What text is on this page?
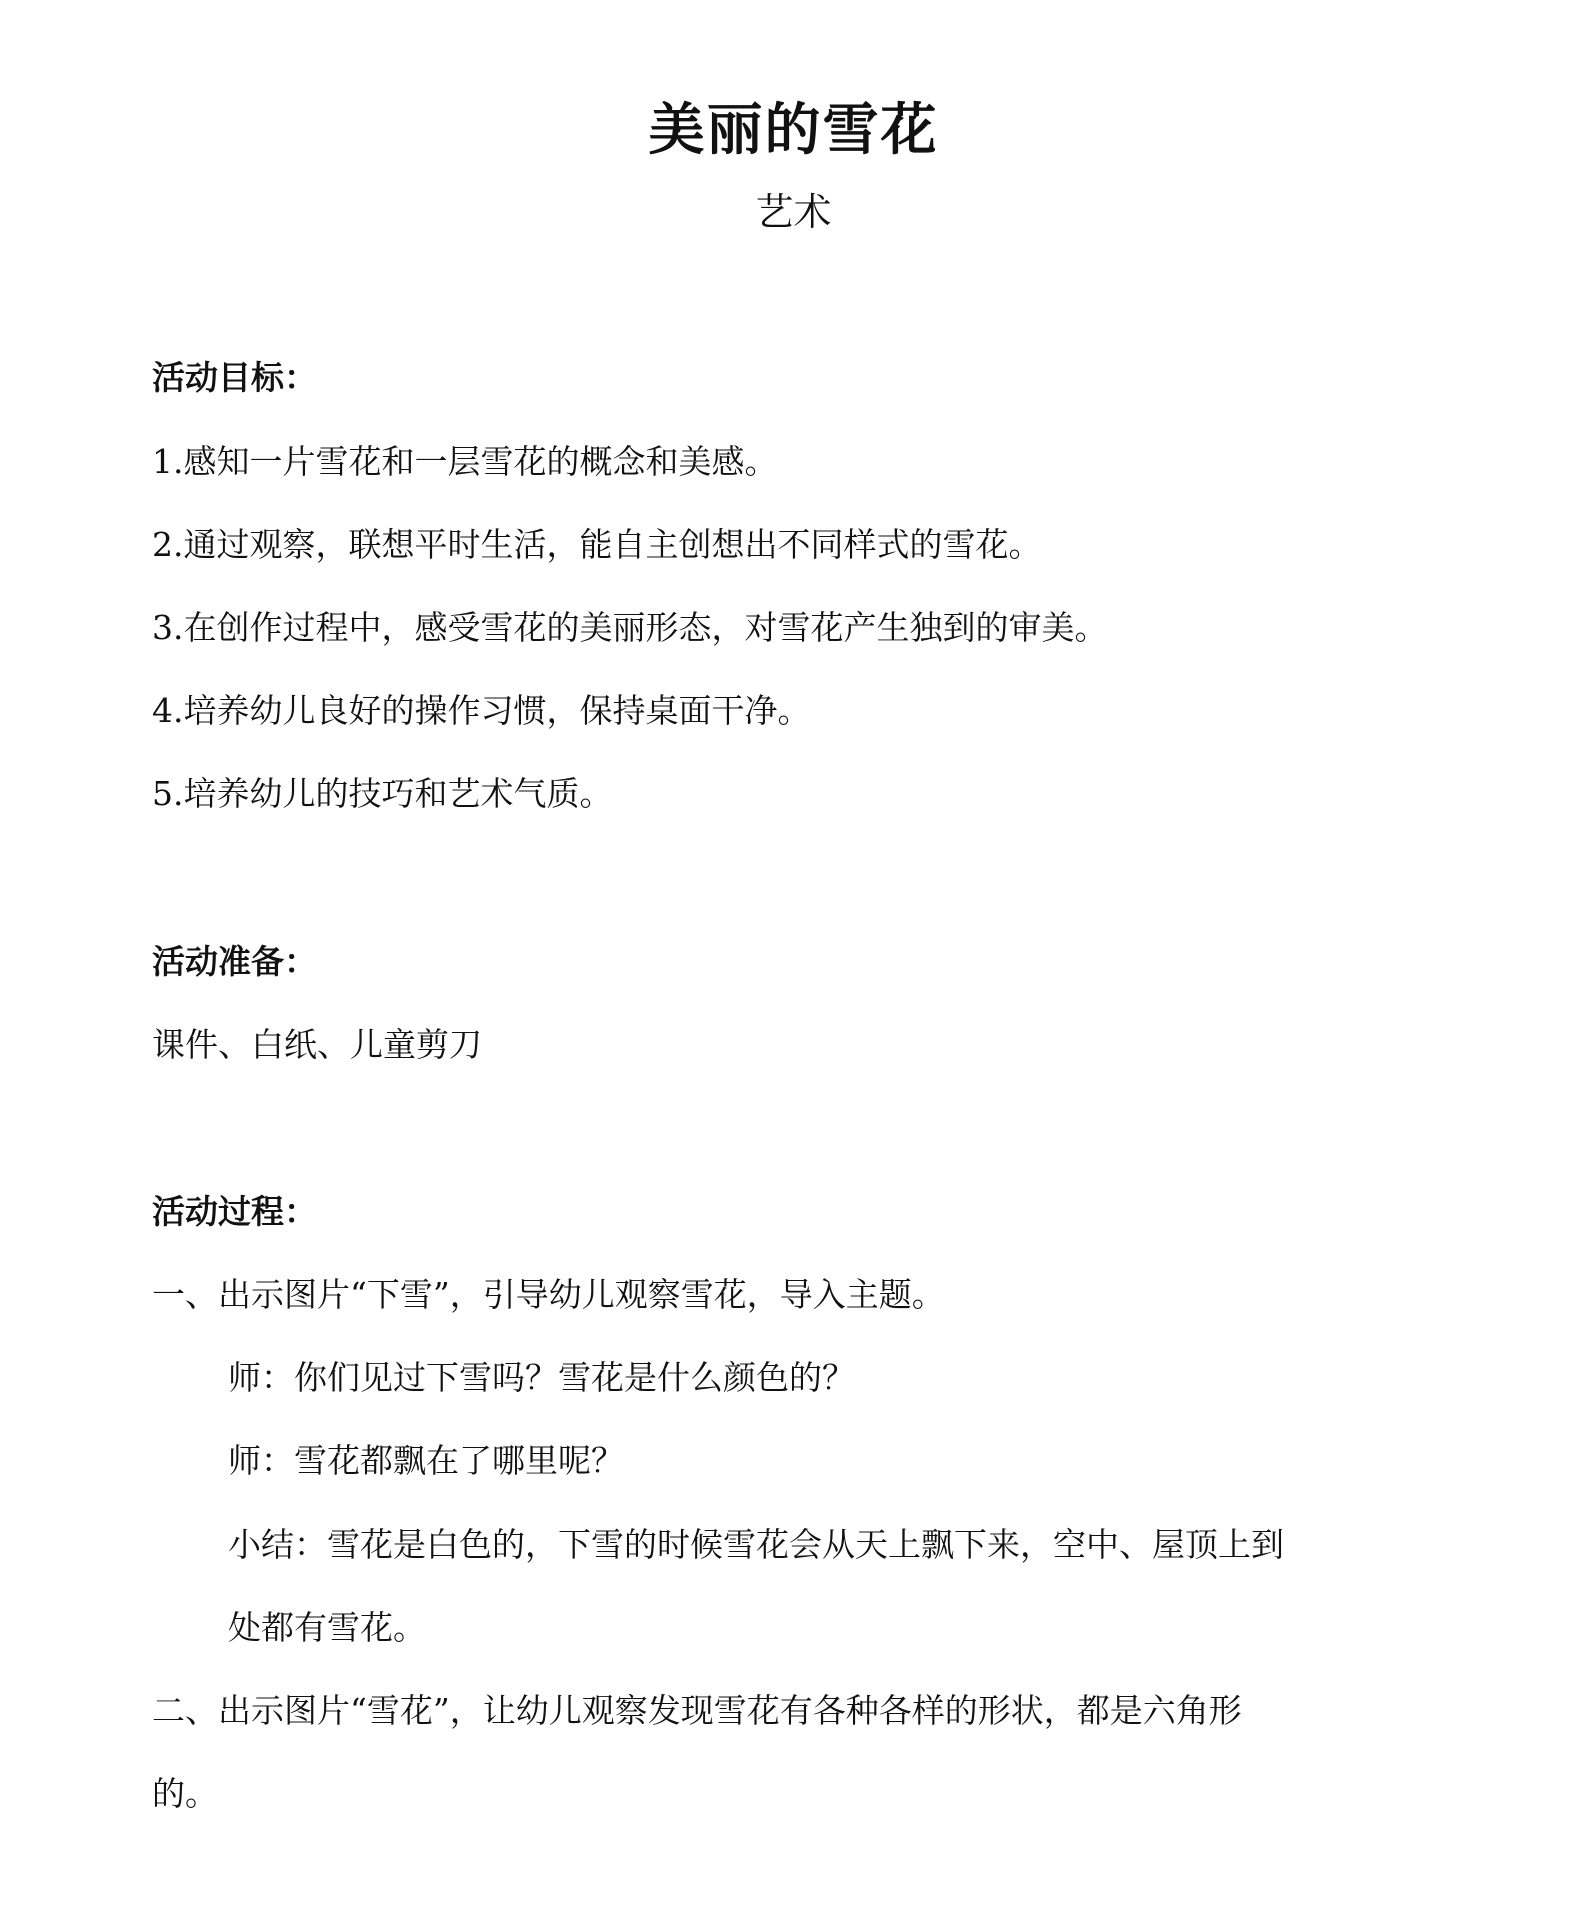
美丽的雪花
艺术
活动目标：
1.感知一片雪花和一层雪花的概念和美感。
2.通过观察，联想平时生活，能自主创想出不同样式的雪花。
3.在创作过程中，感受雪花的美丽形态，对雪花产生独到的审美。
4.培养幼儿良好的操作习惯，保持桌面干净。
5.培养幼儿的技巧和艺术气质。
活动准备：
课件、白纸、儿童剪刀
活动过程：
一、出示图片“下雪”，引导幼儿观察雪花，导入主题。
师：你们见过下雪吗？雪花是什么颜色的？
师：雪花都飘在了哪里呢？
小结：雪花是白色的，下雪的时候雪花会从天上飘下来，空中、屋顶上到
处都有雪花。
二、出示图片“雪花”，让幼儿观察发现雪花有各种各样的形状，都是六角形
的。
